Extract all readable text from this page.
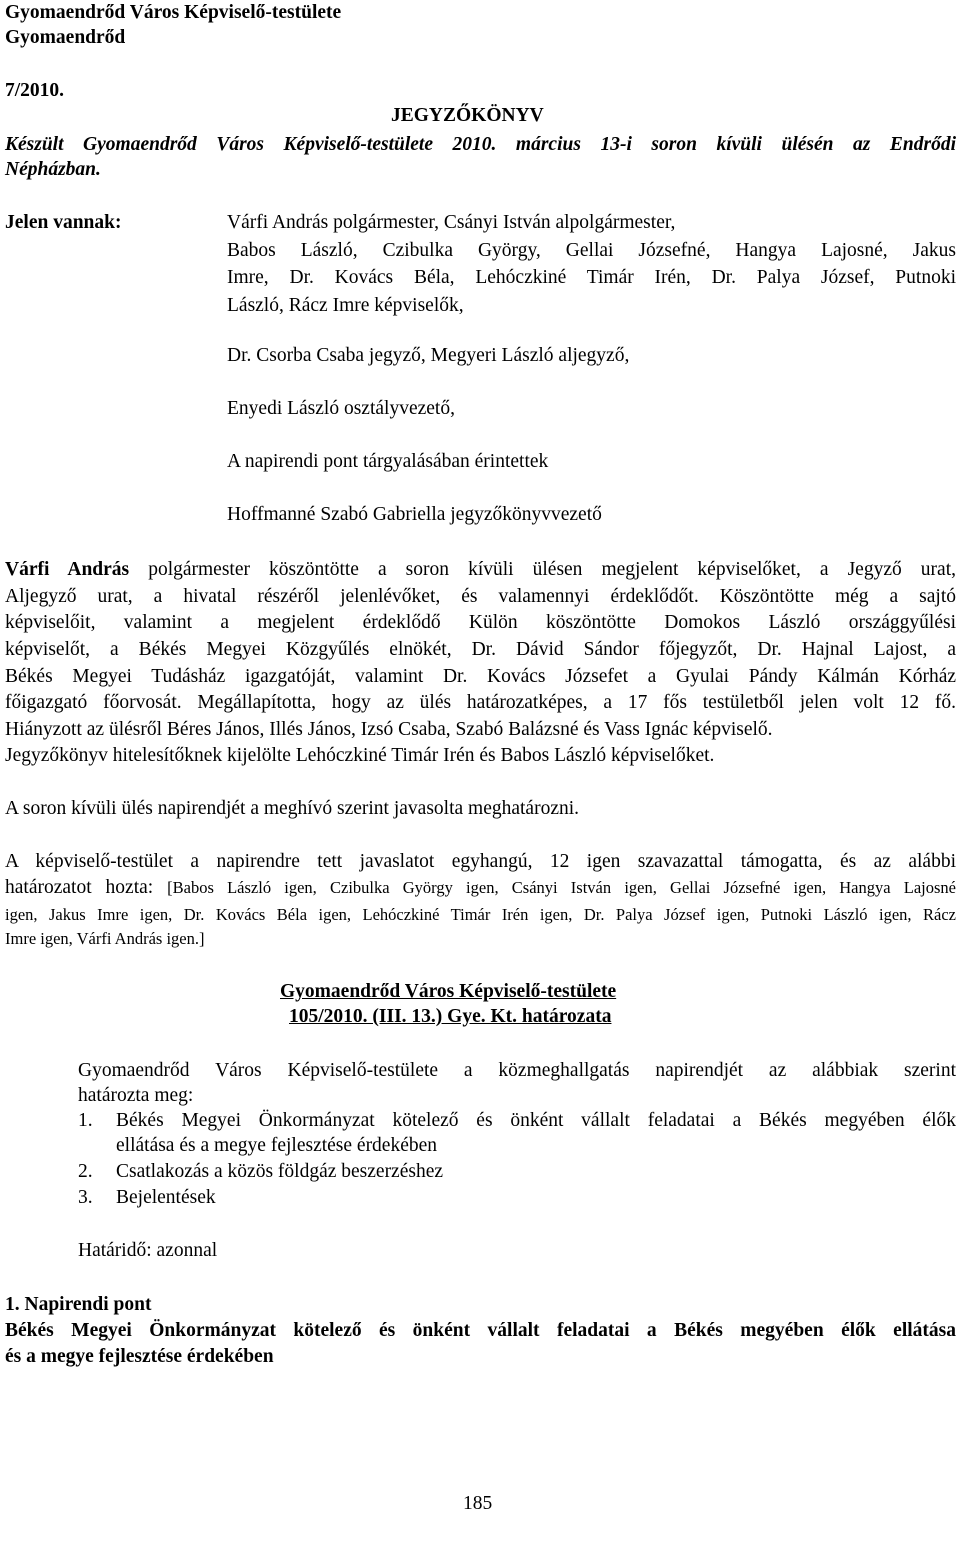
Gyomaendrőd Város Képviselő-testülete
Gyomaendrőd
7/2010.
JEGYZŐKÖNYV
Készült Gyomaendrőd Város Képviselő-testülete 2010. március 13-i soron kívüli ülésén az Endrődi
Népházban.
Jelen vannak:	Várfi András polgármester, Csányi István alpolgármester,
Babos László, Czibulka György, Gellai Józsefné, Hangya Lajosné, Jakus
Imre, Dr. Kovács Béla, Lehóczkiné Timár Irén, Dr. Palya József, Putnoki
László, Rácz Imre képviselők,
Dr. Csorba Csaba jegyző, Megyeri László aljegyző,
Enyedi László osztályvezető,
A napirendi pont tárgyalásában érintettek
Hoffmanné Szabó Gabriella jegyzőkönyvvezető
Várfi András polgármester köszöntötte a soron kívüli ülésen megjelent képviselőket, a Jegyző urat,
Aljegyző urat, a hivatal részéről jelenlévőket, és valamennyi érdeklődőt. Köszöntötte még a sajtó
képviselőit, valamint a megjelent érdeklődő Külön köszöntötte Domokos László országgyűlési
képviselőt, a Békés Megyei Közgyűlés elnökét, Dr. Dávid Sándor főjegyzőt, Dr. Hajnal Lajost, a
Békés Megyei Tudásház igazgatóját, valamint Dr. Kovács Józsefet a Gyulai Pándy Kálmán Kórház
főigazgató főorvosát. Megállapította, hogy az ülés határozatképes, a 17 fős testületből jelen volt 12 fő.
Hiányzott az ülésről Béres János, Illés János, Izsó Csaba, Szabó Balázsné és Vass Ignác képviselő.
Jegyzőkönyv hitelesítőknek kijelölte Lehóczkiné Timár Irén és Babos László képviselőket.
A soron kívüli ülés napirendjét a meghívó szerint javasolta meghatározni.
A képviselő-testület a napirendre tett javaslatot egyhangú, 12 igen szavazattal támogatta, és az alábbi
határozatot hozta: [Babos László igen, Czibulka György igen, Csányi István igen, Gellai Józsefné igen, Hangya Lajosné
igen, Jakus Imre igen, Dr. Kovács Béla igen, Lehóczkiné Timár Irén igen, Dr. Palya József igen, Putnoki László igen, Rácz
Imre igen, Várfi András igen.]
Gyomaendrőd Város Képviselő-testülete
105/2010. (III. 13.) Gye. Kt. határozata
Gyomaendrőd Város Képviselő-testülete a közmeghallgatás napirendjét az alábbiak szerint
határozta meg:
1. Békés Megyei Önkormányzat kötelező és önként vállalt feladatai a Békés megyében élők
ellátása és a megye fejlesztése érdekében
2. Csatlakozás a közös földgáz beszerzéshez
3. Bejelentések
Határidő: azonnal
1. Napirendi pont
Békés Megyei Önkormányzat kötelező és önként vállalt feladatai a Békés megyében élők ellátása
és a megye fejlesztése érdekében
185
